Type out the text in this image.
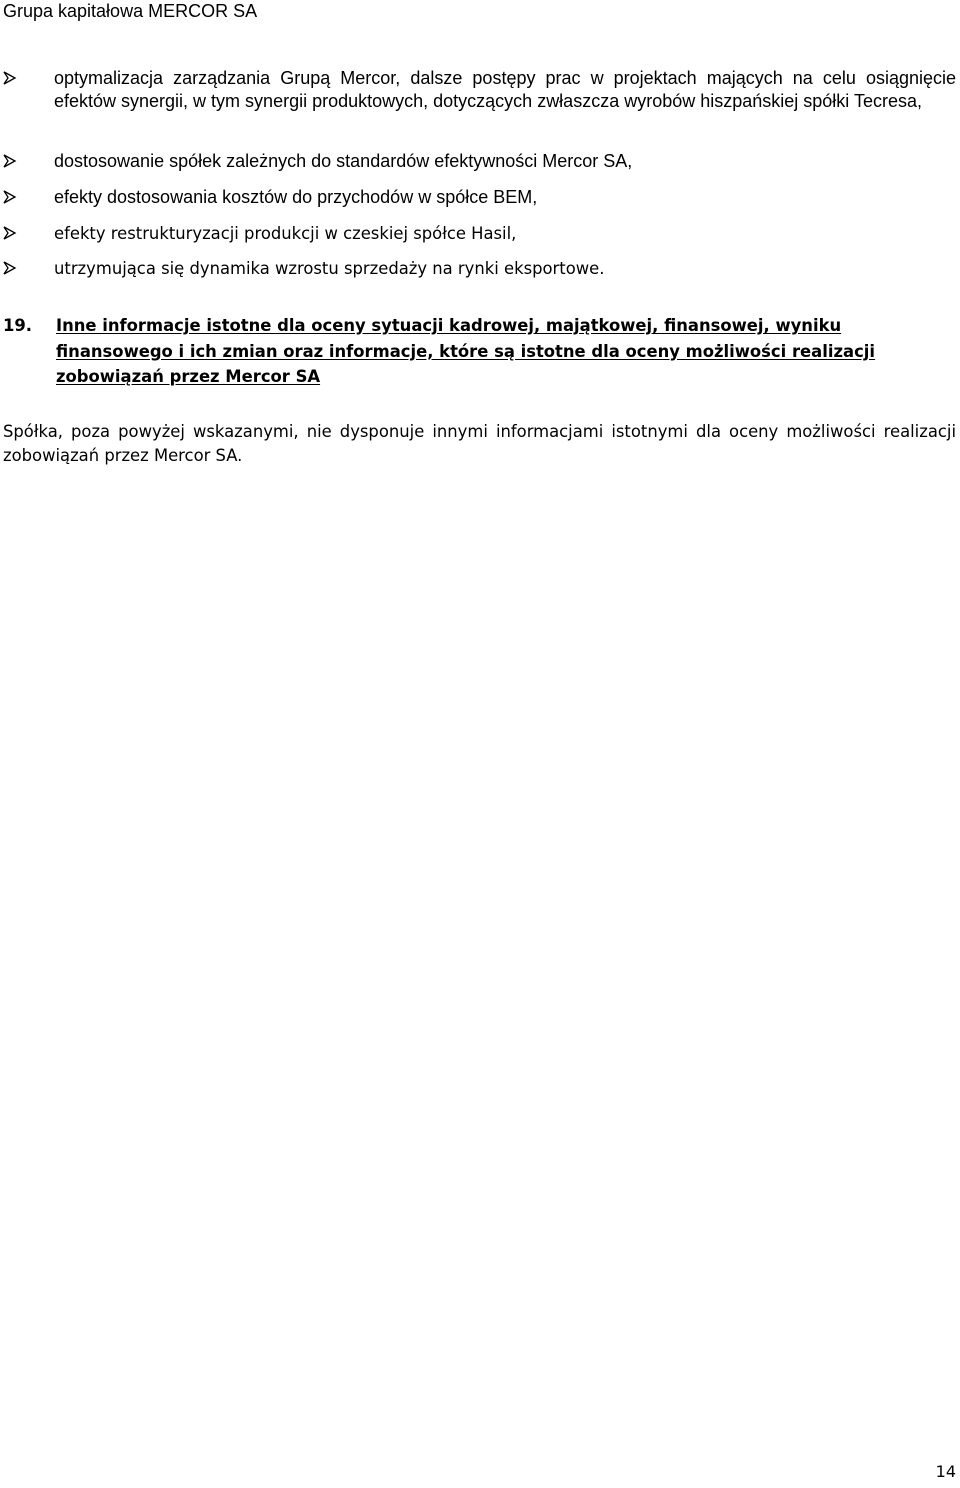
Grupa kapitałowa MERCOR SA
optymalizacja zarządzania Grupą Mercor, dalsze postępy prac w projektach mających na celu osiągnięcie efektów synergii, w tym synergii produktowych, dotyczących zwłaszcza wyrobów hiszpańskiej spółki Tecresa,
dostosowanie spółek zależnych do standardów efektywności Mercor SA,
efekty dostosowania kosztów do przychodów w spółce BEM,
efekty restrukturyzacji produkcji w czeskiej spółce Hasil,
utrzymująca się dynamika wzrostu sprzedaży na rynki eksportowe.
19. Inne informacje istotne dla oceny sytuacji kadrowej, majątkowej, finansowej, wyniku finansowego i ich zmian oraz informacje, które są istotne dla oceny możliwości realizacji zobowiązań przez Mercor SA
Spółka, poza powyżej wskazanymi, nie dysponuje innymi informacjami istotnymi dla oceny możliwości realizacji zobowiązań przez Mercor SA.
14
